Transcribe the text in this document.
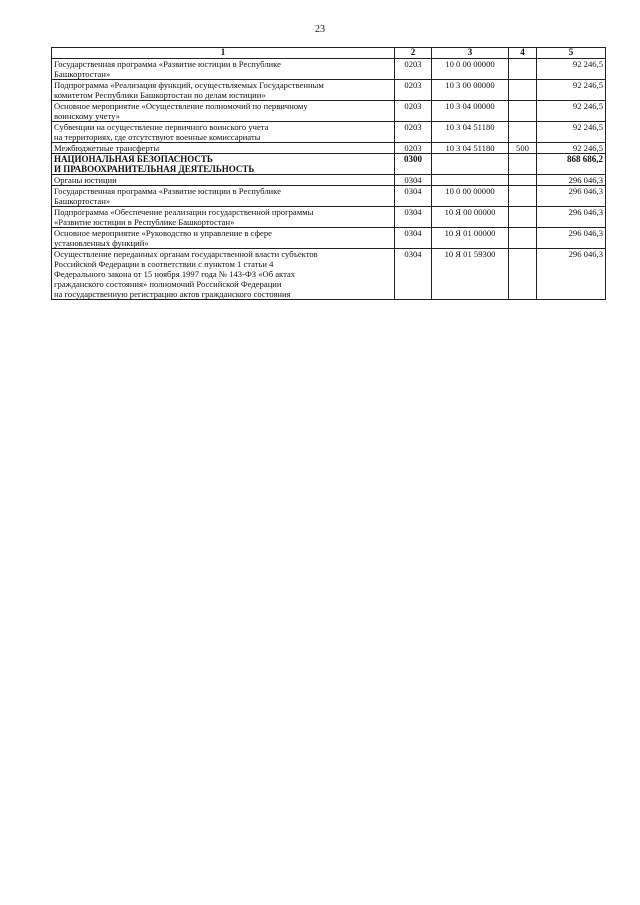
23
1	2	3	4	5
Государственная программа «Развитие юстиции в Республике
Башкортостан»	0203	10 0 00 00000		92 246,5
Подпрограмма «Реализация функций, осуществляемых Государственным
комитетом Республики Башкортостан по делам юстиции»	0203	10 3 00 00000		92 246,5
Основное мероприятие «Осуществление полномочий по первичному
воинскому учету»	0203	10 3 04 00000		92 246,5
Субвенции на осуществление первичного воинского учета
на территориях, где отсутствуют военные комиссариаты	0203	10 3 04 51180		92 246,5
Межбюджетные трансферты	0203	10 3 04 51180	500	92 246,5
НАЦИОНАЛЬНАЯ БЕЗОПАСНОСТЬ
И ПРАВООХРАНИТЕЛЬНАЯ ДЕЯТЕЛЬНОСТЬ	0300			868 686,2
Органы юстиции	0304			296 046,3
Государственная программа «Развитие юстиции в Республике
Башкортостан»	0304	10 0 00 00000		296 046,3
Подпрограмма «Обеспечение реализации государственной программы
«Развитие юстиции в Республике Башкортостан»	0304	10 Я 00 00000		296 046,3
Основное мероприятие «Руководство и управление в сфере
установленных функций»	0304	10 Я 01 00000		296 046,3
Осуществление переданных органам государственной власти субъектов
Российской Федерации в соответствии с пунктом 1 статьи 4
Федерального закона от 15 ноября 1997 года № 143-ФЗ «Об актах
гражданского состояния» полномочий Российской Федерации
на государственную регистрацию актов гражданского состояния	0304	10 Я 01 59300		296 046,3
